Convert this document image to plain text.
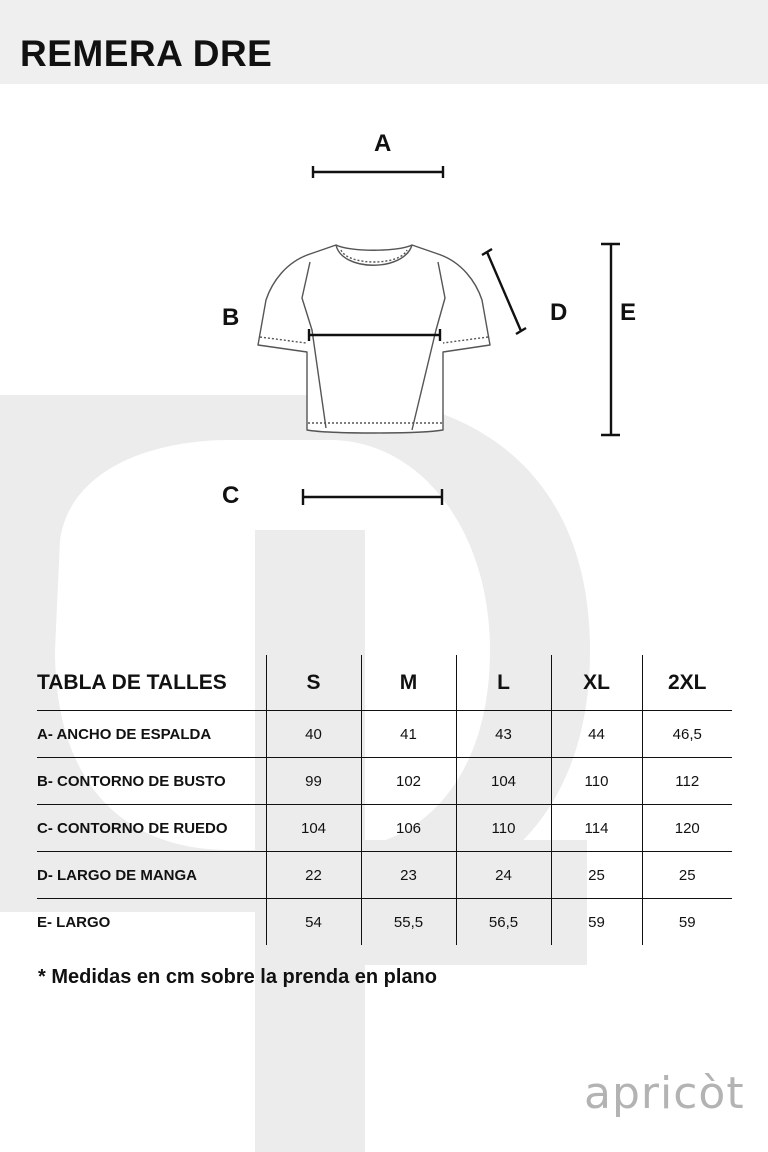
REMERA DRE
A
B
C
D E
TABLA DE TALLES	S	M	L	XL	2XL
A- ANCHO DE ESPALDA	40	41	43	44	46,5
B- CONTORNO DE BUSTO	99	102	104	110	112
C- CONTORNO DE RUEDO	104	106	110	114	120
D- LARGO DE MANGA	22	23	24	25	25
E- LARGO	54	55,5	56,5	59	59
* Medidas en cm sobre la prenda en plano
apricòt
